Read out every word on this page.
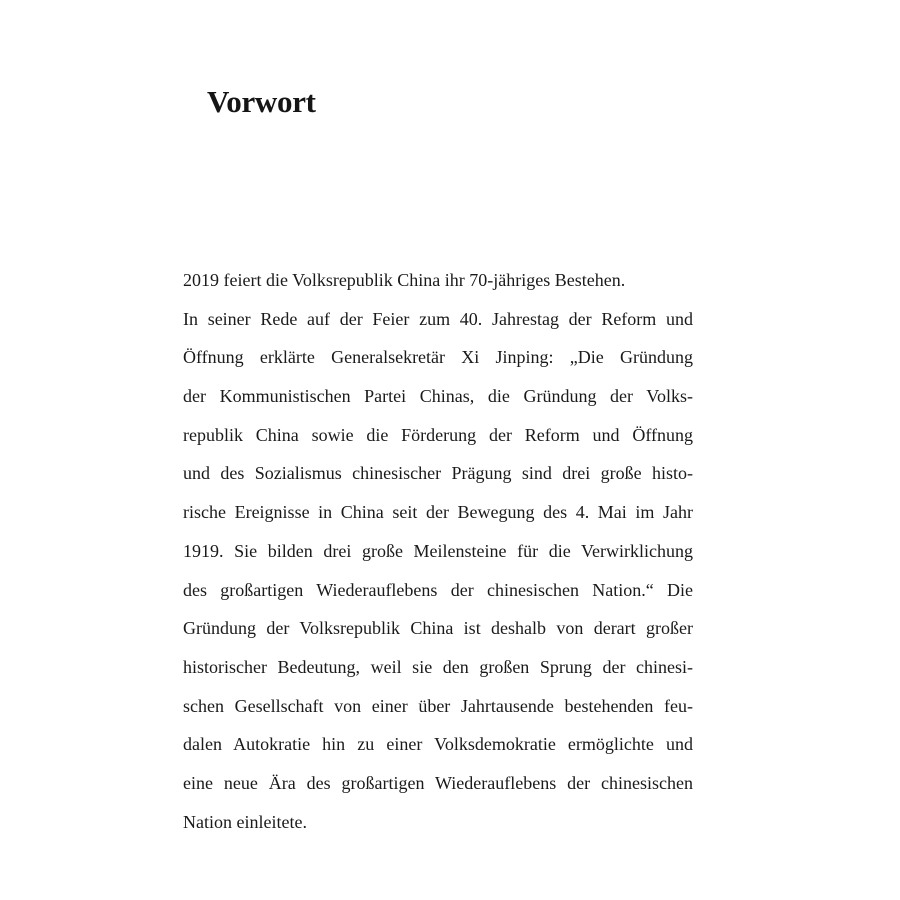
Vorwort
2019 feiert die Volksrepublik China ihr 70-jähriges Bestehen.
In seiner Rede auf der Feier zum 40. Jahrestag der Reform und
Öffnung erklärte Generalsekretär Xi Jinping: „Die Gründung
der Kommunistischen Partei Chinas, die Gründung der Volks-
republik China sowie die Förderung der Reform und Öffnung
und des Sozialismus chinesischer Prägung sind drei große histo-
rische Ereignisse in China seit der Bewegung des 4. Mai im Jahr
1919. Sie bilden drei große Meilensteine für die Verwirklichung
des großartigen Wiederauflebens der chinesischen Nation.“ Die
Gründung der Volksrepublik China ist deshalb von derart großer
historischer Bedeutung, weil sie den großen Sprung der chinesi-
schen Gesellschaft von einer über Jahrtausende bestehenden feu-
dalen Autokratie hin zu einer Volksdemokratie ermöglichte und
eine neue Ära des großartigen Wiederauflebens der chinesischen
Nation einleitete.
